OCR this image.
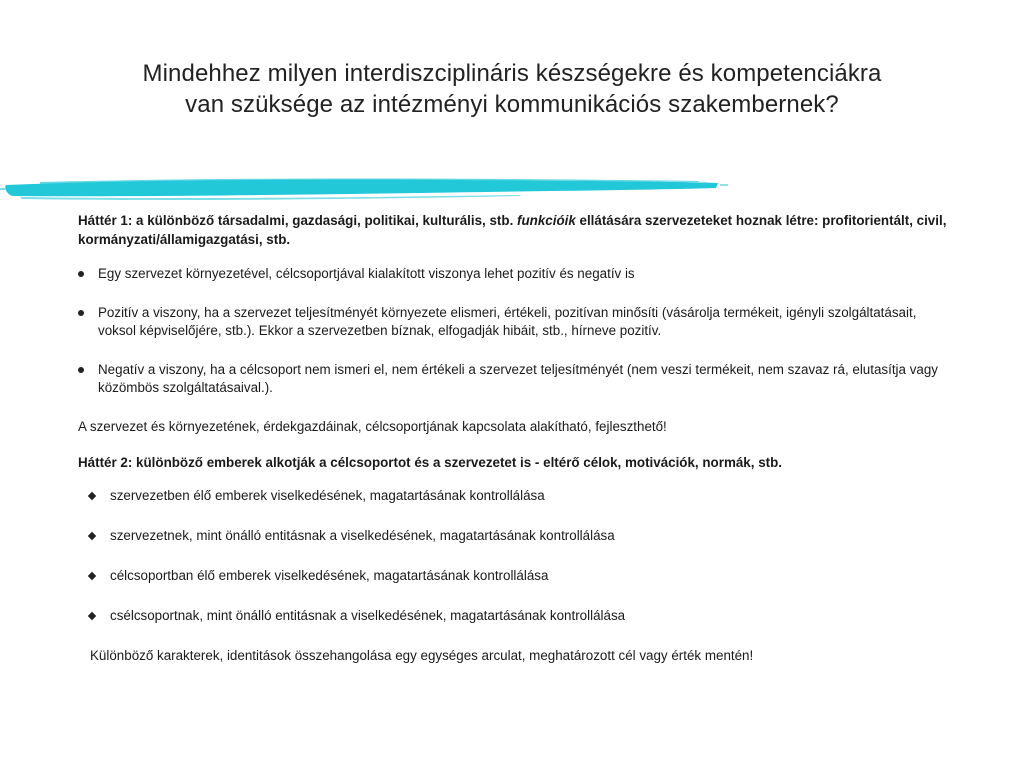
Mindehhez milyen interdiszciplináris készségekre és kompetenciákra
van szüksége az intézményi kommunikációs szakembernek?

Háttér 1: a különböző társadalmi, gazdasági, politikai, kulturális, stb. funkcióik ellátására szervezeteket hoznak létre: profitorientált, civil, kormányzati/államigazgatási, stb.

Egy szervezet környezetével, célcsoportjával kialakított viszonya lehet pozitív és negatív is
Pozitív a viszony, ha a szervezet teljesítményét környezete elismeri, értékeli, pozitívan minősíti (vásárolja termékeit, igényli szolgáltatásait, voksol képviselőjére, stb.). Ekkor a szervezetben bíznak, elfogadják hibáit, stb., hírneve pozitív.
Negatív a viszony, ha a célcsoport nem ismeri el, nem értékeli a szervezet teljesítményét (nem veszi termékeit, nem szavaz rá, elutasítja vagy közömbös szolgáltatásaival.).

A szervezet és környezetének, érdekgazdáinak, célcsoportjának kapcsolata alakítható, fejleszthető!

Háttér 2: különböző emberek alkotják a célcsoportot és a szervezetet is - eltérő célok, motivációk, normák, stb.

szervezetben élő emberek viselkedésének, magatartásának kontrollálása
szervezetnek, mint önálló entitásnak a viselkedésének, magatartásának kontrollálása
célcsoportban élő emberek viselkedésének, magatartásának kontrollálása
csélcsoportnak, mint önálló entitásnak a viselkedésének, magatartásának kontrollálása

Különböző karakterek, identitások összehangolása egy egységes arculat, meghatározott cél vagy érték mentén!
